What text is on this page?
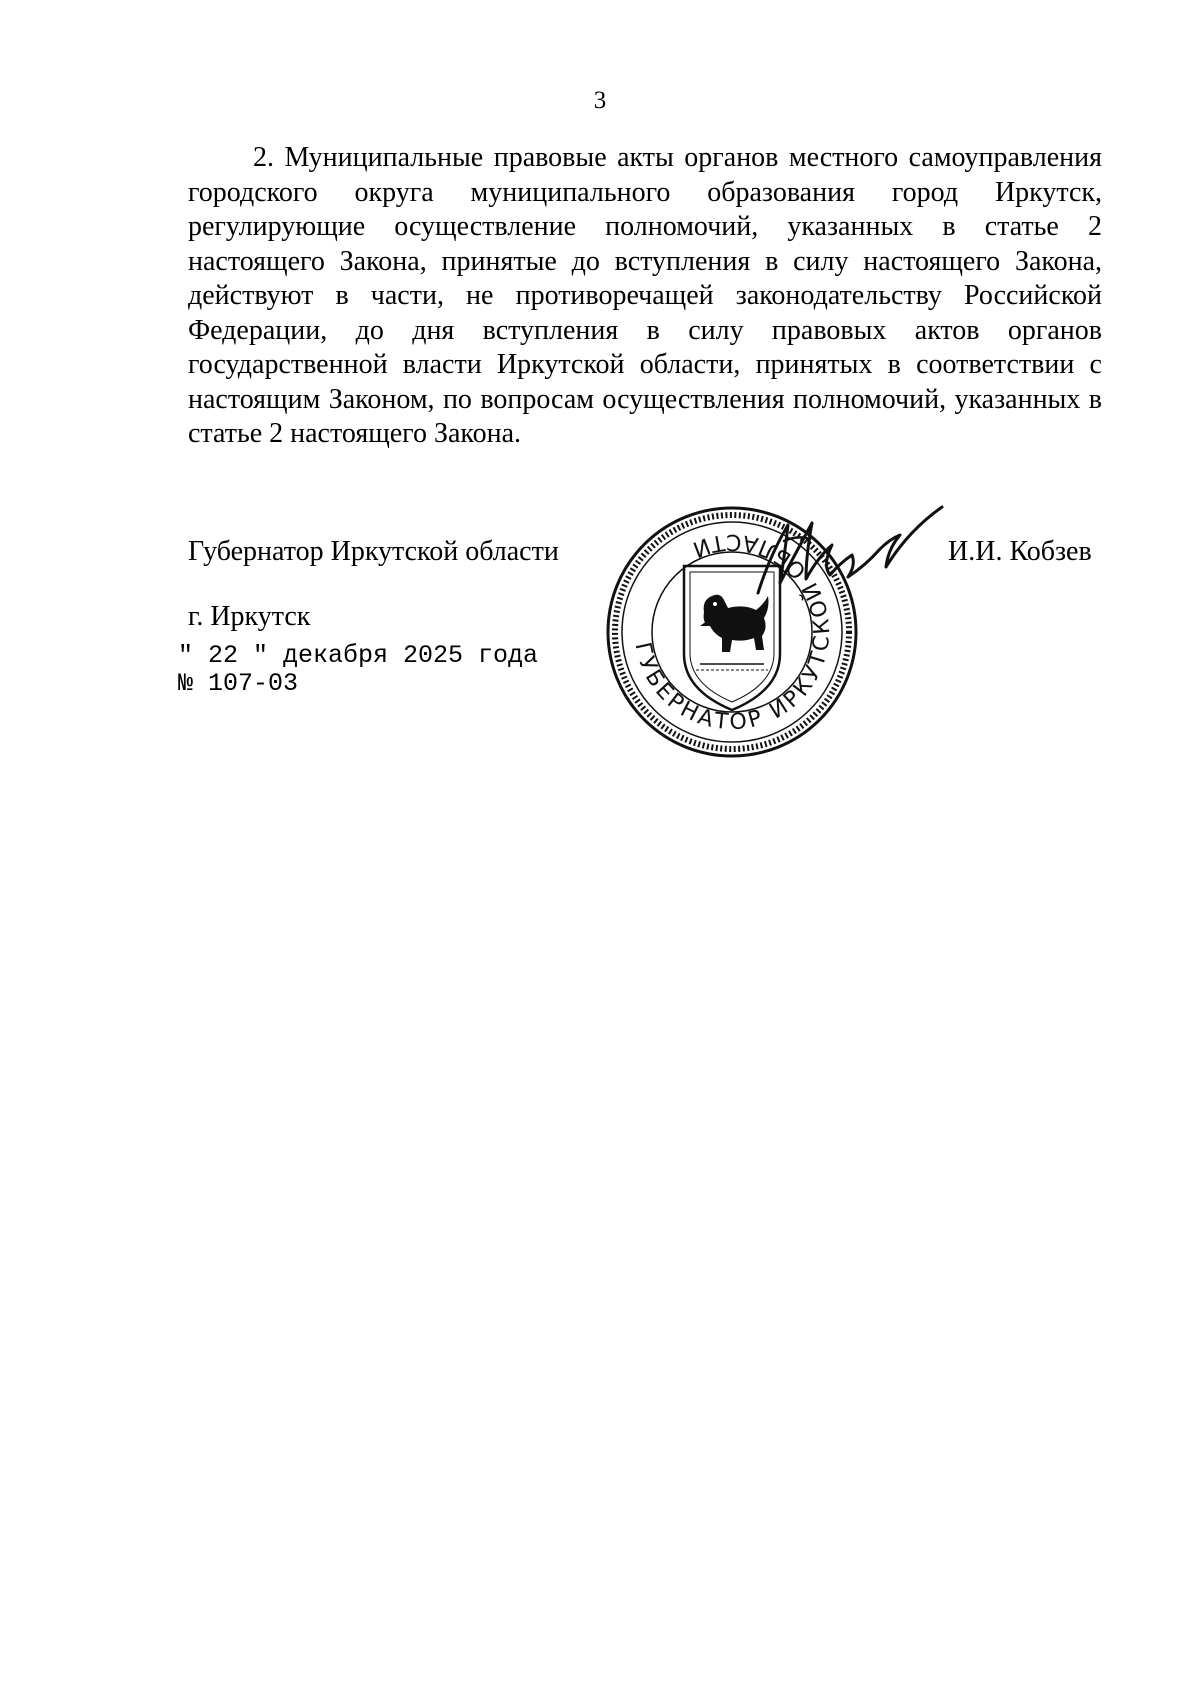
3

2. Муниципальные правовые акты органов местного самоуправления городского округа муниципального образования город Иркутск, регулирующие осуществление полномочий, указанных в статье 2 настоящего Закона, принятые до вступления в силу настоящего Закона, действуют в части, не противоречащей законодательству Российской Федерации, до дня вступления в силу правовых актов органов государственной власти Иркутской области, принятых в соответствии с настоящим Законом, по вопросам осуществления полномочий, указанных в статье 2 настоящего Закона.

Губернатор Иркутской области
ГУБЕРНАТОР ИРКУТСКОЙ ОБЛАСТИ	И.И. Кобзев
г. Иркутск
" 22 " декабря 2025 года
№ 107-03
